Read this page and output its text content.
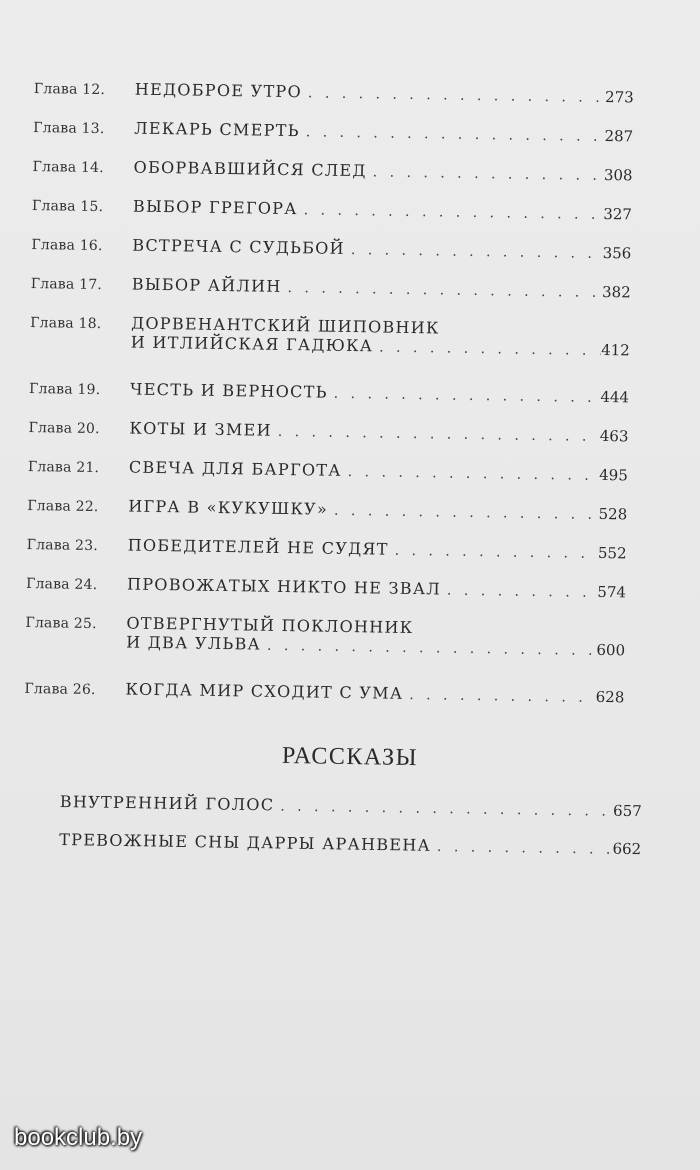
Глава 12.	НЕДОБРОЕ УТРО . . .	273
Глава 13.	ЛЕКАРЬ СМЕРТЬ . . .	287
Глава 14.	ОБОРВАВШИЙСЯ СЛЕД . . .	308
Глава 15.	ВЫБОР ГРЕГОРА . . .	327
Глава 16.	ВСТРЕЧА С СУДЬБОЙ . . .	356
Глава 17.	ВЫБОР АЙЛИН . . .	382
Глава 18.	ДОРВЕНАНТСКИЙ ШИПОВНИК
И ИТЛИЙСКАЯ ГАДЮКА . . .	412
Глава 19.	ЧЕСТЬ И ВЕРНОСТЬ . . .	444
Глава 20.	КОТЫ И ЗМЕИ . . .	463
Глава 21.	СВЕЧА ДЛЯ БАРГОТА . . .	495
Глава 22.	ИГРА В «КУКУШКУ» . . .	528
Глава 23.	ПОБЕДИТЕЛЕЙ НЕ СУДЯТ . . .	552
Глава 24.	ПРОВОЖАТЫХ НИКТО НЕ ЗВАЛ . . .	574
Глава 25.	ОТВЕРГНУТЫЙ ПОКЛОННИК
И ДВА УЛЬВА . . .	600
Глава 26.	КОГДА МИР СХОДИТ С УМА . . .	628
РАССКАЗЫ
ВНУТРЕННИЙ ГОЛОС . . .	657
ТРЕВОЖНЫЕ СНЫ ДАРРЫ АРАНВЕНА . . .	662
bookclub.by
